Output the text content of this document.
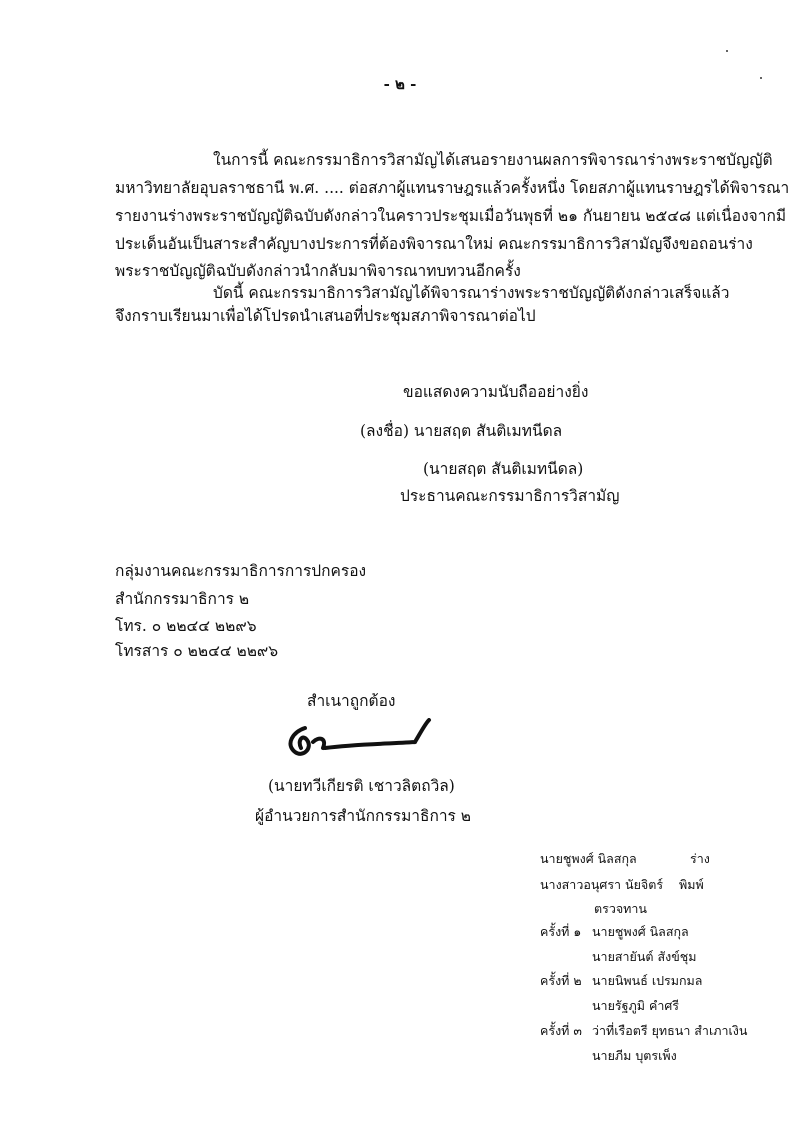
- ๒ -
ในการนี้ คณะกรรมาธิการวิสามัญได้เสนอรายงานผลการพิจารณาร่างพระราชบัญญัติ
มหาวิทยาลัยอุบลราชธานี พ.ศ. .... ต่อสภาผู้แทนราษฎรแล้วครั้งหนึ่ง โดยสภาผู้แทนราษฎรได้พิจารณา
รายงานร่างพระราชบัญญัติฉบับดังกล่าวในคราวประชุมเมื่อวันพุธที่ ๒๑ กันยายน ๒๕๔๘ แต่เนื่องจากมี
ประเด็นอันเป็นสาระสำคัญบางประการที่ต้องพิจารณาใหม่ คณะกรรมาธิการวิสามัญจึงขอถอนร่าง
พระราชบัญญัติฉบับดังกล่าวนำกลับมาพิจารณาทบทวนอีกครั้ง
บัดนี้ คณะกรรมาธิการวิสามัญได้พิจารณาร่างพระราชบัญญัติดังกล่าวเสร็จแล้ว
จึงกราบเรียนมาเพื่อได้โปรดนำเสนอที่ประชุมสภาพิจารณาต่อไป
ขอแสดงความนับถืออย่างยิ่ง
(ลงชื่อ) นายสฤต สันติเมทนีดล
(นายสฤต สันติเมทนีดล)
ประธานคณะกรรมาธิการวิสามัญ
กลุ่มงานคณะกรรมาธิการการปกครอง
สำนักกรรมาธิการ ๒
โทร. ๐ ๒๒๔๔ ๒๒๙๖
โทรสาร ๐ ๒๒๔๔ ๒๒๙๖
สำเนาถูกต้อง
(นายทวีเกียรติ เชาวลิตถวิล)
ผู้อำนวยการสำนักกรรมาธิการ ๒
นายชูพงศ์ นิลสกุล	ร่าง
นางสาวอนุศรา นัยจิตร์ พิมพ์
ตรวจทาน
ครั้งที่ ๑ นายชูพงศ์ นิลสกุล
นายสายันต์ สังข์ชุม
ครั้งที่ ๒ นายนิพนธ์ เปรมกมล
นายรัฐภูมิ คำศรี
ครั้งที่ ๓ ว่าที่เรือตรี ยุทธนา สำเภาเงิน
นายภีม บุตรเพ็ง
